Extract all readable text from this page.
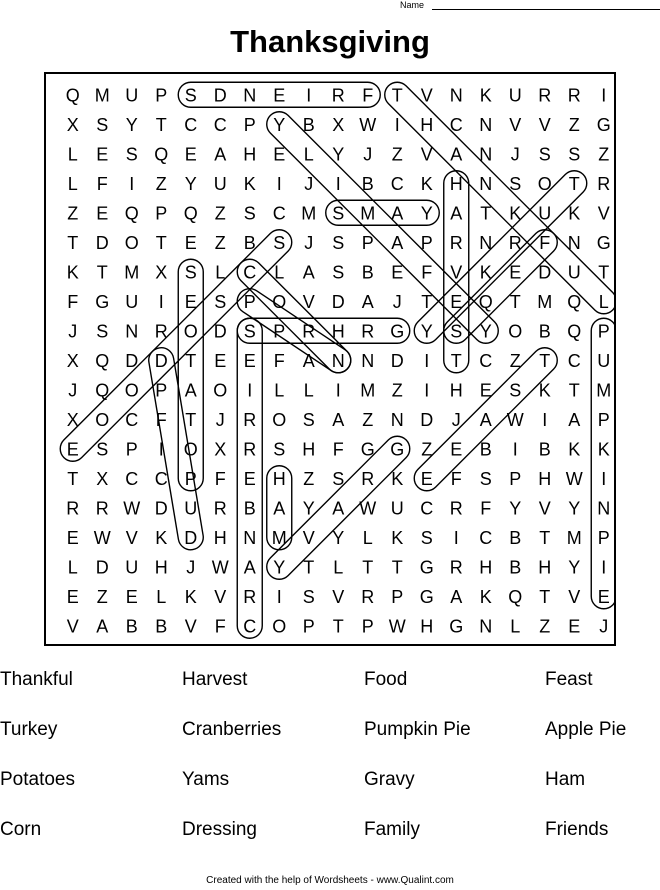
Name
Thanksgiving
Q M U P S D N E I R F T V N K U R R I
X S Y T C C P Y B X W I H C N V V Z G
L E S Q E A H E L Y J Z V A N J S S Z
L F I Z Y U K I J I B C K H N S O T R
Z E Q P Q Z S C M S M A Y A T K U K V
T D O T E Z B S J S P A P R N R F N G
K T M X S L C L A S B E F V K E D U T
F G U I E S P O V D A J T E Q T M Q L
J S N R O D S P R H R G Y S Y O B Q P
X Q D D T E E F A N N D I T C Z T C U
J Q O P A O I L L I M Z I H E S K T M
X O C F T J R O S A Z N D J A W I A P
E S P I O X R S H F G G Z E B I B K K
T X C C P F E H Z S R K E F S P H W I
R R W D U R B A Y A W U C R F Y V Y N
E W V K D H N M V Y L K S I C B T M P
L D U H J W A Y T L T T G R H B H Y I
E Z E L K V R I S V R P G A K Q T V E
V A B B V F C O P T P W H G N L Z E J
Thankful	Harvest	Food	Feast
Turkey	Cranberries	Pumpkin Pie	Apple Pie
Potatoes	Yams	Gravy	Ham
Corn	Dressing	Family	Friends
Created with the help of Wordsheets - www.Qualint.com
